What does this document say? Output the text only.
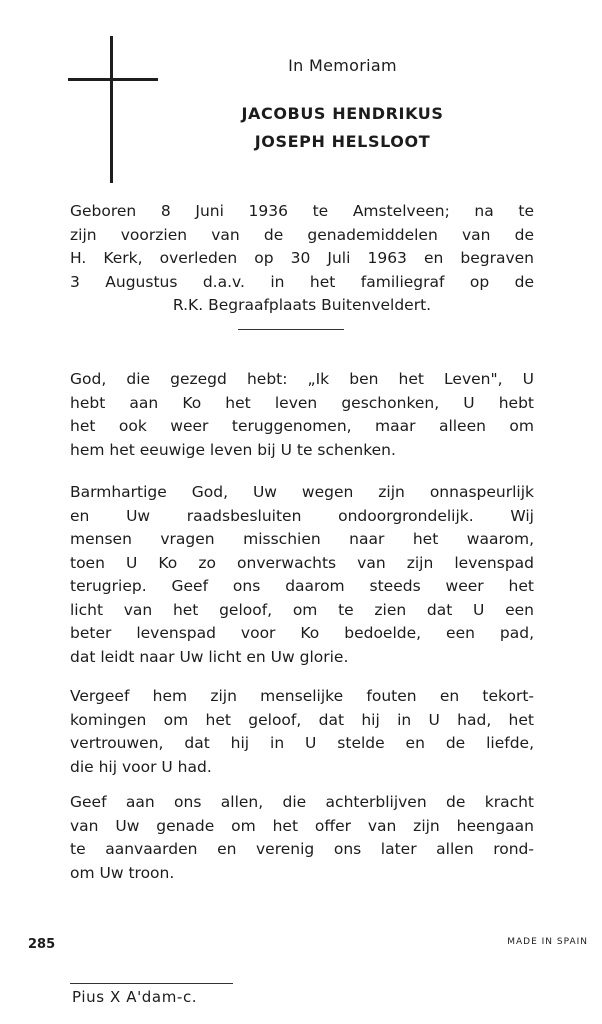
In Memoriam
JACOBUS HENDRIKUS
JOSEPH HELSLOOT
Geboren 8 Juni 1936 te Amstelveen; na te
zijn voorzien van de genademiddelen van de
H. Kerk, overleden op 30 Juli 1963 en begraven
3 Augustus d.a.v. in het familiegraf op de
R.K. Begraafplaats Buitenveldert.
God, die gezegd hebt: „Ik ben het Leven", U
hebt aan Ko het leven geschonken, U hebt
het ook weer teruggenomen, maar alleen om
hem het eeuwige leven bij U te schenken.
Barmhartige God, Uw wegen zijn onnaspeurlijk
en Uw raadsbesluiten ondoorgrondelijk. Wij
mensen vragen misschien naar het waarom,
toen U Ko zo onverwachts van zijn levenspad
terugriep. Geef ons daarom steeds weer het
licht van het geloof, om te zien dat U een
beter levenspad voor Ko bedoelde, een pad,
dat leidt naar Uw licht en Uw glorie.
Vergeef hem zijn menselijke fouten en tekort-
komingen om het geloof, dat hij in U had, het
vertrouwen, dat hij in U stelde en de liefde,
die hij voor U had.
Geef aan ons allen, die achterblijven de kracht
van Uw genade om het offer van zijn heengaan
te aanvaarden en verenig ons later allen rond-
om Uw troon.
285	MADE IN SPAIN
Pius X A'dam-c.
